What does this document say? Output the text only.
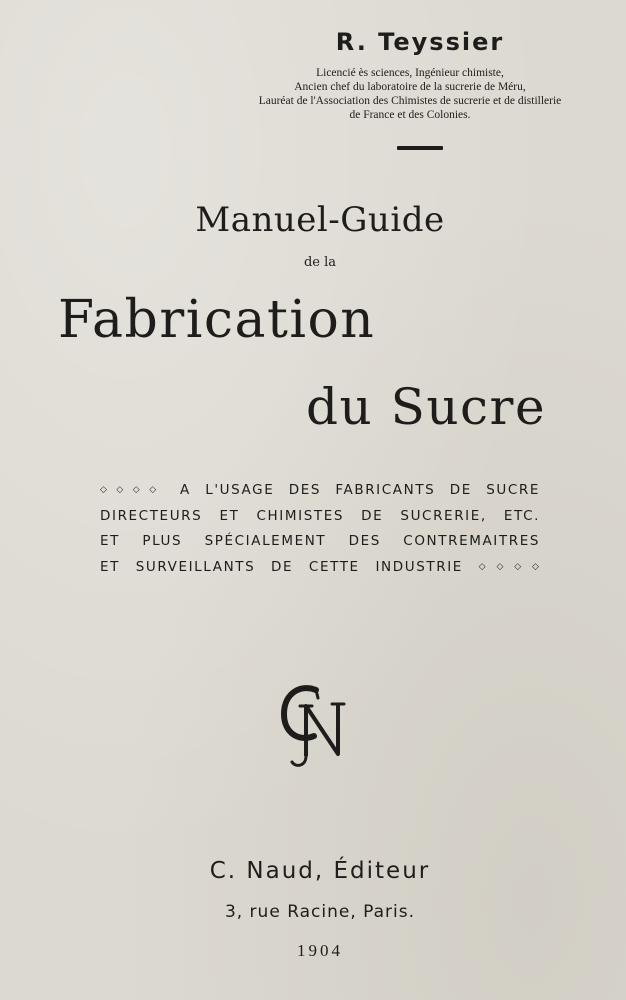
R. Teyssier
Licencié ès sciences, Ingénieur chimiste,
Ancien chef du laboratoire de la sucrerie de Méru,
Lauréat de l'Association des Chimistes de sucrerie et de distillerie
de France et des Colonies.
Manuel-Guide
de la
Fabrication
du Sucre
◇◇◇◇ A L'USAGE DES FABRICANTS DE SUCRE
DIRECTEURS ET CHIMISTES DE SUCRERIE, ETC.
ET PLUS SPÉCIALEMENT DES CONTREMAITRES
ET SURVEILLANTS DE CETTE INDUSTRIE ◇◇◇◇
C. Naud, Éditeur
3, rue Racine, Paris.
1904
